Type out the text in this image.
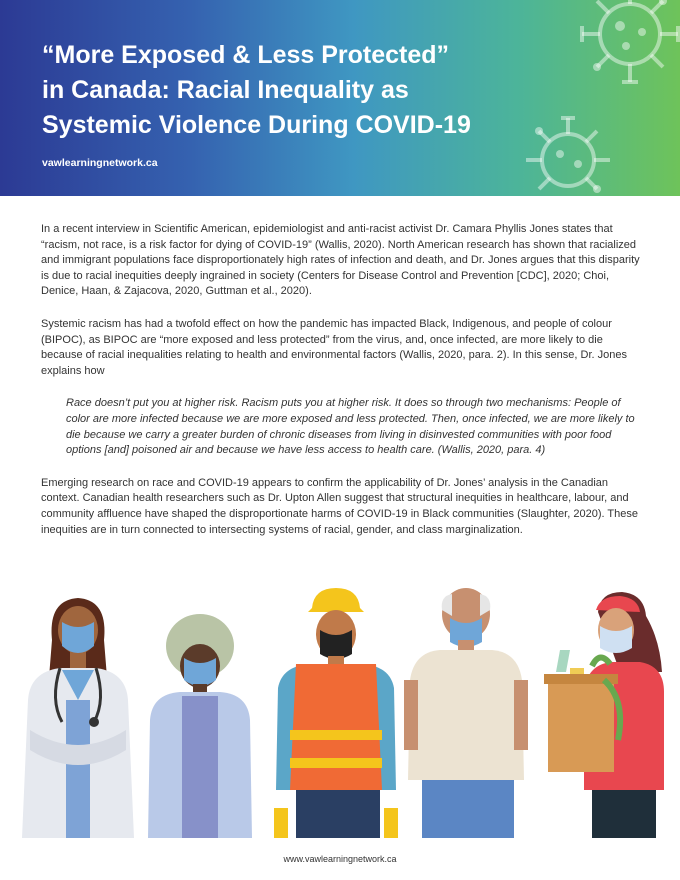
“More Exposed & Less Protected”
in Canada: Racial Inequality as
Systemic Violence During COVID-19
vawlearningnetwork.ca

In a recent interview in Scientific American, epidemiologist and anti-racist activist Dr. Camara Phyllis Jones states that “racism, not race, is a risk factor for dying of COVID-19” (Wallis, 2020). North American research has shown that racialized and immigrant populations face disproportionately high rates of infection and death, and Dr. Jones argues that this disparity is due to racial inequities deeply ingrained in society (Centers for Disease Control and Prevention [CDC], 2020; Choi, Denice, Haan, & Zajacova, 2020, Guttman et al., 2020).

Systemic racism has had a twofold effect on how the pandemic has impacted Black, Indigenous, and people of colour (BIPOC), as BIPOC are “more exposed and less protected” from the virus, and, once infected, are more likely to die because of racial inequalities relating to health and environmental factors (Wallis, 2020, para. 2). In this sense, Dr. Jones explains how

Race doesn’t put you at higher risk. Racism puts you at higher risk. It does so through two mechanisms: People of color are more infected because we are more exposed and less protected. Then, once infected, we are more likely to die because we carry a greater burden of chronic diseases from living in disinvested communities with poor food options [and] poisoned air and because we have less access to health care. (Wallis, 2020, para. 4)

Emerging research on race and COVID-19 appears to confirm the applicability of Dr. Jones’ analysis in the Canadian context. Canadian health researchers such as Dr. Upton Allen suggest that structural inequities in healthcare, labour, and community affluence have shaped the disproportionate harms of COVID-19 in Black communities (Slaughter, 2020). These inequities are in turn connected to intersecting systems of racial, gender, and class marginalization.

www.vawlearningnetwork.ca
